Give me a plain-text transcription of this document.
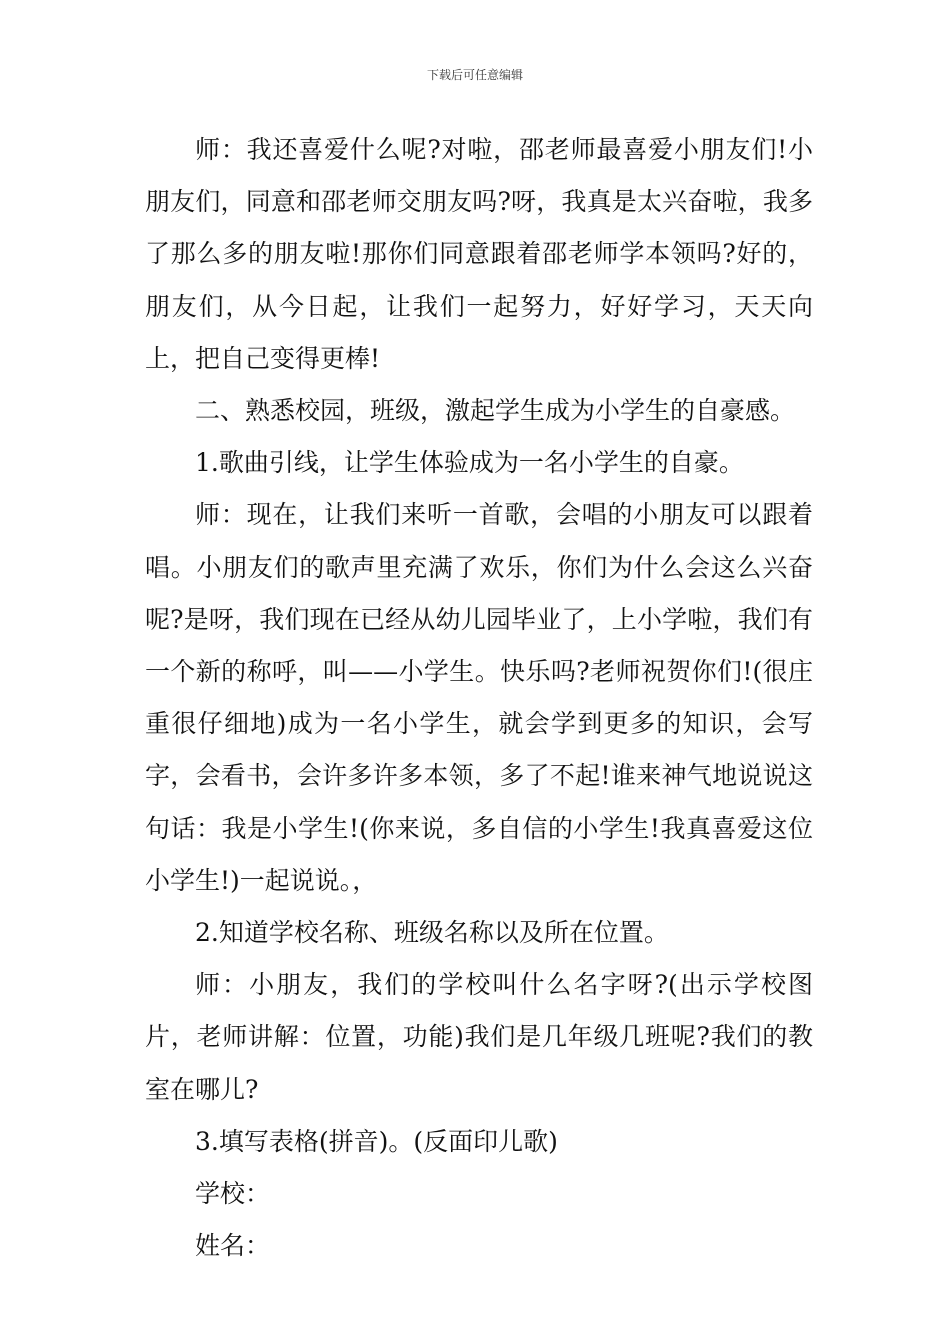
下载后可任意编辑

师：我还喜爱什么呢?对啦，邵老师最喜爱小朋友们!小朋友们，同意和邵老师交朋友吗?呀，我真是太兴奋啦，我多了那么多的朋友啦!那你们同意跟着邵老师学本领吗?好的，朋友们，从今日起，让我们一起努力，好好学习，天天向上，把自己变得更棒!

二、熟悉校园，班级，激起学生成为小学生的自豪感。

1.歌曲引线，让学生体验成为一名小学生的自豪。

师：现在，让我们来听一首歌，会唱的小朋友可以跟着唱。小朋友们的歌声里充满了欢乐，你们为什么会这么兴奋呢?是呀，我们现在已经从幼儿园毕业了，上小学啦，我们有一个新的称呼，叫——小学生。快乐吗?老师祝贺你们!(很庄重很仔细地)成为一名小学生，就会学到更多的知识，会写字，会看书，会许多许多本领，多了不起!谁来神气地说说这句话：我是小学生!(你来说，多自信的小学生!我真喜爱这位小学生!)一起说说。，

2.知道学校名称、班级名称以及所在位置。

师：小朋友，我们的学校叫什么名字呀?(出示学校图片，老师讲解：位置，功能)我们是几年级几班呢?我们的教室在哪儿?

3.填写表格(拼音)。(反面印儿歌)

学校：

姓名：
